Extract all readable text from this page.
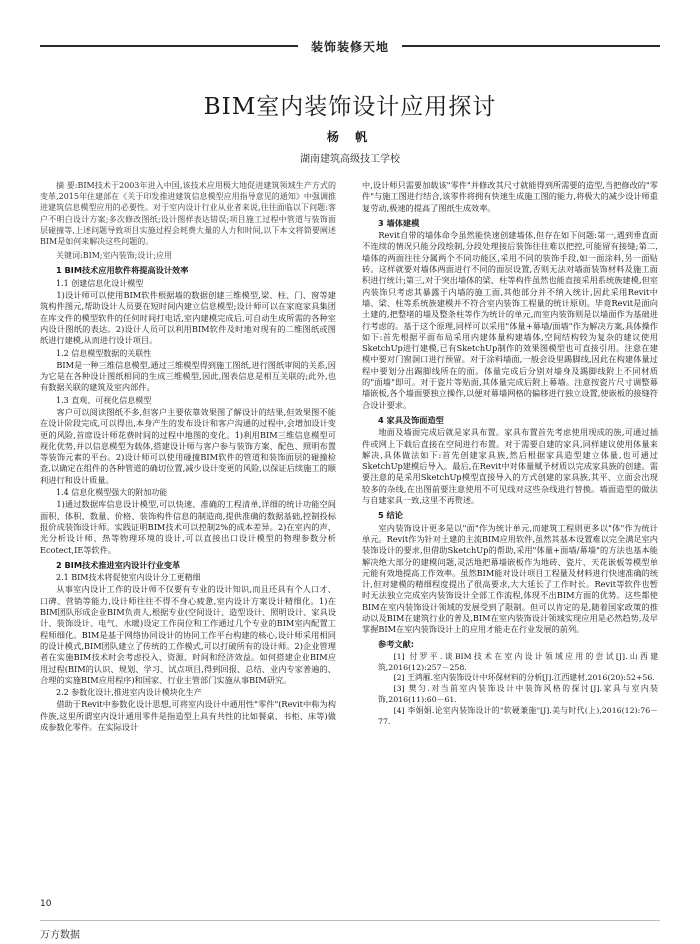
装饰装修天地
BIM室内装饰设计应用探讨
杨 帆
湖南建筑高级技工学校

摘 要:BIM技术于2003年进入中国,该技术应用极大地促进建筑领域生产方式的变革,2015年住建部在《关于印发推进建筑信息模型应用指导意见的通知》中强调推进建筑信息模型应用的必要性。对于室内设计行业从业者来说,往往面临以下问题:客户不明白设计方案;多次修改图纸;设计图样表达错误;项目施工过程中管道与装饰面层碰撞等,上述问题导致项目实施过程会耗费大量的人力和时间,以下本文将简要阐述BIM是如何来解决这些问题的。

关键词:BIM;室内装饰;设计;应用

1 BIM技术应用软件将提高设计效率
1.1 创建信息化设计模型

1)设计师可以使用BIM软件根据墙的数据创建三维模型,梁、柱、门、窗等建筑构件图元,帮助设计人员要在短时间内建立信息模型;设计师可以在家庭家具集团在库文件的模型软件的任何时间打电话,室内建模完成后,可自动生成所需的各种室内设计图纸的表达。2)设计人员可以利用BIM软件及时地对现有的二维图纸或图纸进行建模,从而进行设计项目。

1.2 信息模型数据的关联性

BIM是一种三维信息模型,通过三维模型得到施工图纸,进行图纸审阅的关系,因为它是在各种设计图纸相同的生成三维模型,因此,图表信息是相互关联的;此外,也有数据关联的建筑及室内部件。

1.3 直观、可视化信息模型

客户可以阅读图纸不多,但客户主要依靠效果图了解设计的结果,但效果图不能在设计阶段完成,可以得出,本身产生的发布设计和客户沟通的过程中,会增加设计变更的风险,首席设计师花费时间的过程中地图的变化。1)利用BIM三维信息模型可视化优势,并以信息模型为载体,搭建设计师与客户参与装饰方案、配色、照明布置等装饰元素的平台。2)设计师可以使用碰撞BIM软件的管道和装饰面层的碰撞检查,以确定在组件的各种管道的确切位置,减少设计变更的风险,以保证后续施工的顺利进行和设计质量。

1.4 信息化模型强大的附加功能

1)通过数据库信息设计模型,可以快速、准确的工程清单,详细的统计功能空间面积、体积、数量、价格、装饰构件信息的制造商,提供准确的数据基础,控制投标报价成装饰设计师。实践证明BIM技术可以控制2%的成本差异。2)在室内的声、光分析设计师、热等物理环境的设计,可以直接出口设计模型的物理参数分析Ecotect,IE等软件。

2 BIM技术推进室内设计行业变革
2.1 BIM技术将促使室内设计分工更精细

从事室内设计工作的设计师不仅要有专业的设计知识,而且还具有个人口才、口碑、营销等能力,设计师往往不得不身心疲惫,室内设计方案设计精细化。1)在BIM团队形成企业BIM负责人,根据专业(空间设计、造型设计、照明设计、家具设计、装饰设计、电气、水暖)设定工作岗位和工作通过几个专业的BIM室内配置工程师细化。BIM是基于网络协同设计的协同工作平台构建的核心,设计师采用相同的设计模式,BIM团队建立了传统的工作模式,可以打破所有的设计师。2)企业管理者在实施BIM技术时会考虑投入、资源、时间和经济效益。如何搭建企业BIM应用过程(BIM的认识、规划、学习、试点项目,得到回报、总结、业内专家普遍的、合理的实施BIM应用程序)和国家、行业主管部门实施从事BIM研究。

2.2 参数化设计,推进室内设计模块化生产

借助于Revit中参数化设计思想,可将室内设计中通用性"零件"(Revit中称为构件族,这里所谓室内设计通用零件是指造型上具有共性的比如餐桌、书柜、床等)做成参数化零件。在实际设计

中,设计师只需要加载该"零件"并修改其尺寸就能得到所需要的造型,当把修改的"零件"与施工图进行结合,该零件将拥有快速生成施工图的能力,将极大的减少设计师重复劳动,极速的提高了图纸生成效率。

3 墙体建模

Revit自带的墙体命令虽然能快速创建墙体,但存在如下问题:第一,遇到垂直面不连续的情况只能分段绘制,分段处理接后装饰往往难以把控,可能留有接缝;第二,墙体的两面往往分属两个不同功能区,采用不同的装饰手段,如一面涂料,另一面贴砖。这样就要对墙体两面进行不同的面层设置,否则无法对墙面装饰材料及施工面积进行统计;第三,对于突出墙体的梁、柱等构件虽然也能直接采用系统族建模,但室内装饰只考虑其暴露于内墙的施工面,其他部分并不纳入统计,因此采用Revit中墙、梁、柱等系统族建模并不符合室内装饰工程量的统计原则。毕竟Revit是面向土建的,把整堵的墙及整条柱等作为统计的单元,而室内装饰则是以墙面作为基础进行考虑的。基于这个原理,同样可以采用"体量+幕墙/面墙"作为解决方案,具体操作如下:首先根据平面布局采用内建体量构建墙体,空间结构较为复杂的建议使用SketchUp进行建模,已有SketchUp制作的效果图模型也可直接引用。注意在建模中要对门窗洞口进行预留。对于涂料墙面,一般会设里踢脚线,因此在构建体量过程中要划分出踢脚线所在的面。体量完成后分别对墙身及踢脚线附上不同材质的"面墙"即可。对于瓷片等贴面,其体量完成后附上幕墙。注意按瓷片尺寸调整幕墙嵌板,各个墙面要独立操作,以便对幕墙网格的偏移进行独立设置,使嵌板的接缝符合设计要求。

4 家具及饰面造型

地面及墙面完成后就是家具布置。家具布置首先考虑使用现成的族,可通过插件或网上下载后直接在空间进行布置。对于需要自建的家具,同样建议使用体量来解决,具体做法如下:首先创建家具族,然后根据家具造型建立体量,也可通过SketchUp建模后导入。最后,在Revit中对体量赋予材质以完成家具族的创建。需要注意的是采用SketchUp模型直接导入的方式创建的家具族,其平、立面会出现较多的杂线,在出图前要注意使用不可见线对这些杂线进行替换。墙面造型的做法与自建家具一致,这里不再赘述。

5 结论

室内装饰设计更多是以"面"作为统计单元,而建筑工程则更多以"体"作为统计单元。Revit作为针对土建的主流BIM应用软件,虽然其基本设置难以完全满足室内装饰设计的要求,但借助SketchUp的帮助,采用"体量+面墙/幕墙"的方法也基本能解决绝大部分的建模问题,灵活地把幕墙嵌板作为地砖、瓷片、天花嵌板等模型单元能有效地提高工作效率。虽然BIM能对设计项目工程量及材料进行快速准确的统计,但对建模的精细程度提出了很高要求,大大延长了工作时长。Revit等软件也暂时无法独立完成室内装饰设计全部工作流程,体现不出BIM方面的优势。这些都使BIM在室内装饰设计领域的发展受到了限制。但可以肯定的是,随着国家政策的推动以及BIM在建筑行业的普及,BIM在室内装饰设计领域实现应用是必然趋势,及早掌握BIM在室内装饰设计上的应用才能走在行业发展的前列。

参考文献:

[1] 付罗平.谈BIM技术在室内设计领域应用的尝试[J].山西建筑,2016(12):257－258.

[2] 王鸿雁.室内装饰设计中环保材料的分析[J].江西建材,2016(20):52+56.

[3] 樊匀.对当前室内装饰设计中装饰风格的探讨[J].家具与室内装饰,2016(11):60－61.

[4] 李娟娟.论室内装饰设计的"软硬兼施"[J].美与时代(上),2016(12):76－77.

10
万方数据
